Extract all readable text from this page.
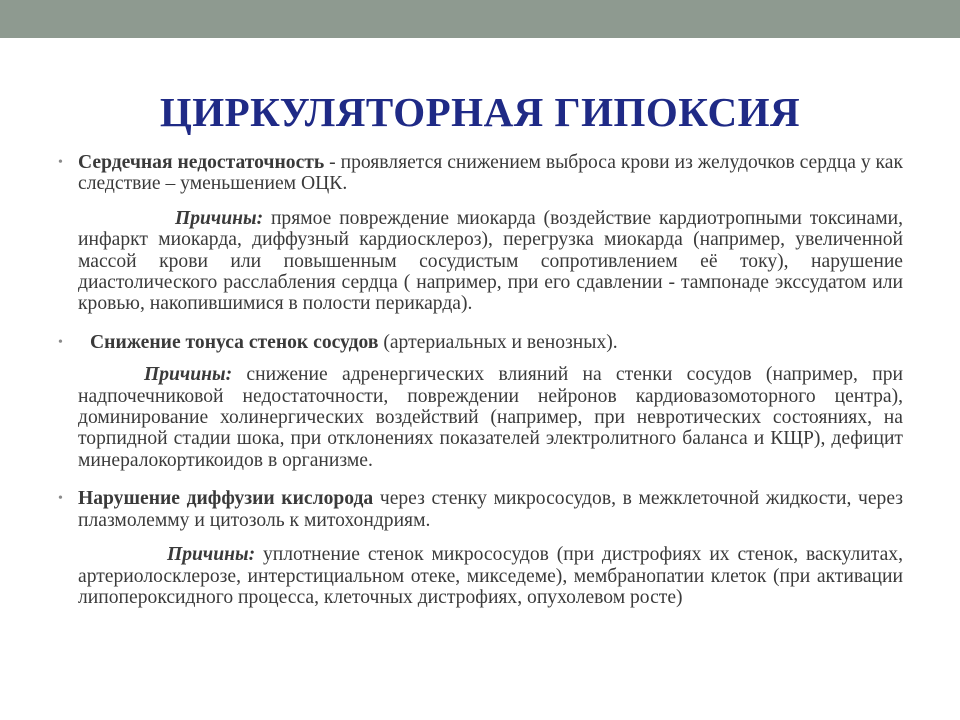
ЦИРКУЛЯТОРНАЯ ГИПОКСИЯ
• Сердечная недостаточность - проявляется снижением выброса крови из желудочков сердца у как следствие – уменьшением ОЦК.
Причины: прямое повреждение миокарда (воздействие кардиотропными токсинами, инфаркт миокарда, диффузный кардиосклероз), перегрузка миокарда (например, увеличенной массой крови или повышенным сосудистым сопротивлением её току), нарушение диастолического расслабления сердца ( например, при его сдавлении - тампонаде экссудатом или кровью, накопившимися в полости перикарда).
•	Снижение тонуса стенок сосудов (артериальных и венозных).
Причины: снижение адренергических влияний на стенки сосудов (например, при надпочечниковой недостаточности, повреждении нейронов кардиовазомоторного центра), доминирование холинергических воздействий (например, при невротических состояниях, на торпидной стадии шока, при отклонениях показателей электролитного баланса и КЩР), дефицит минералокортикоидов в организме.
• Нарушение диффузии кислорода через стенку микрососудов, в межклеточной жидкости, через плазмолемму и цитозоль к митохондриям.
Причины: уплотнение стенок микрососудов (при дистрофиях их стенок, васкулитах, артериолосклерозе, интерстициальном отеке, микседеме), мембранопатии клеток (при активации липопероксидного процесса, клеточных дистрофиях, опухолевом росте)
